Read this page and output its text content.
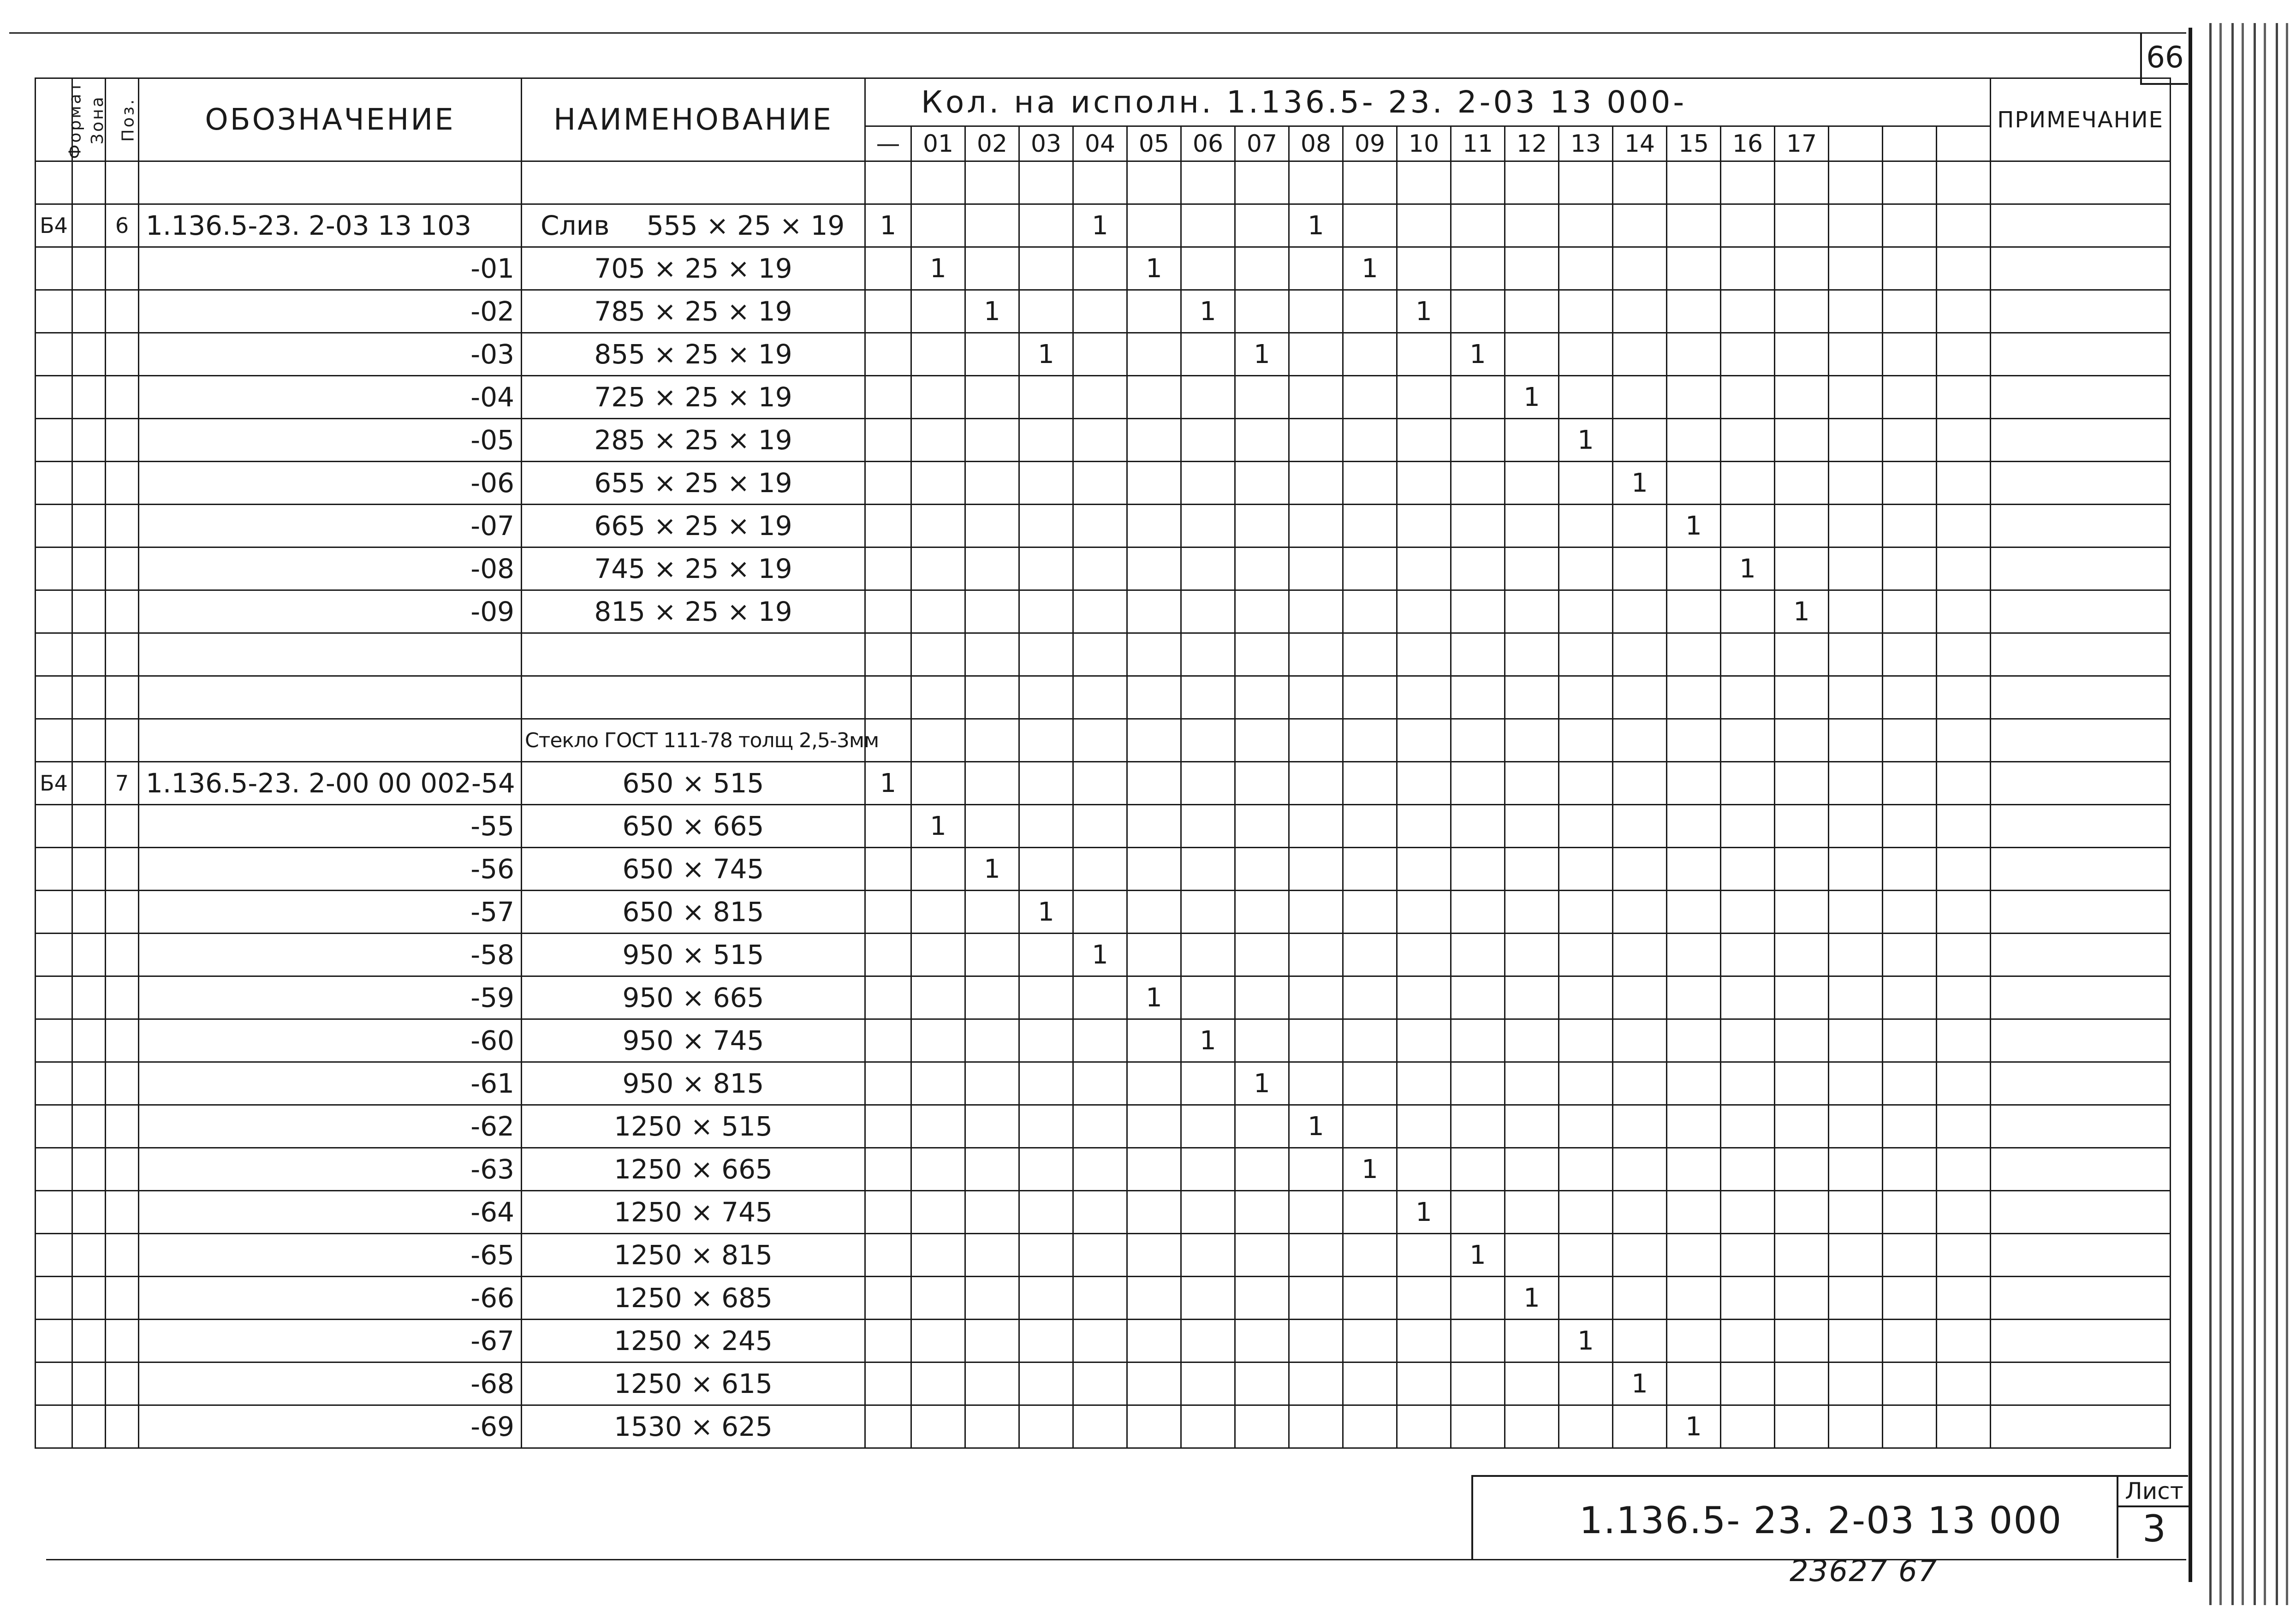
66
Формат	Зона	Поз.	ОБОЗНАЧЕНИЕ	НАИМЕНОВАНИЕ	Кол. на исполн. 1.136.5- 23. 2-03 13 000-																					ПРИМЕЧАНИЕ
					—	01	02	03	04	05	06	07	08	09	10	11	12	13	14	15	16	17				

Б4		6	1.136.5-23. 2-03 13 103	Слив 555 × 25 × 19	1				1				1													
			-01	705 × 25 × 19		1				1				1												
			-02	785 × 25 × 19			1				1				1											
			-03	855 × 25 × 19				1				1				1										
			-04	725 × 25 × 19													1									
			-05	285 × 25 × 19														1								
			-06	655 × 25 × 19															1							
			-07	665 × 25 × 19																1						
			-08	745 × 25 × 19																	1					
			-09	815 × 25 × 19																		1				

				Стекло ГОСТ 111-78 толщ 2,5-3мм																						
Б4		7	1.136.5-23. 2-00 00 002-54	650 × 515	1																					
			-55	650 × 665		1																				
			-56	650 × 745			1																			
			-57	650 × 815				1																		
			-58	950 × 515					1																	
			-59	950 × 665						1																
			-60	950 × 745							1															
			-61	950 × 815								1														
			-62	1250 × 515									1													
			-63	1250 × 665										1												
			-64	1250 × 745											1											
			-65	1250 × 815												1										
			-66	1250 × 685													1									
			-67	1250 × 245														1								
			-68	1250 × 615															1							
			-69	1530 × 625																1						
1.136.5- 23. 2-03 13 000
Лист
3
23627 67
